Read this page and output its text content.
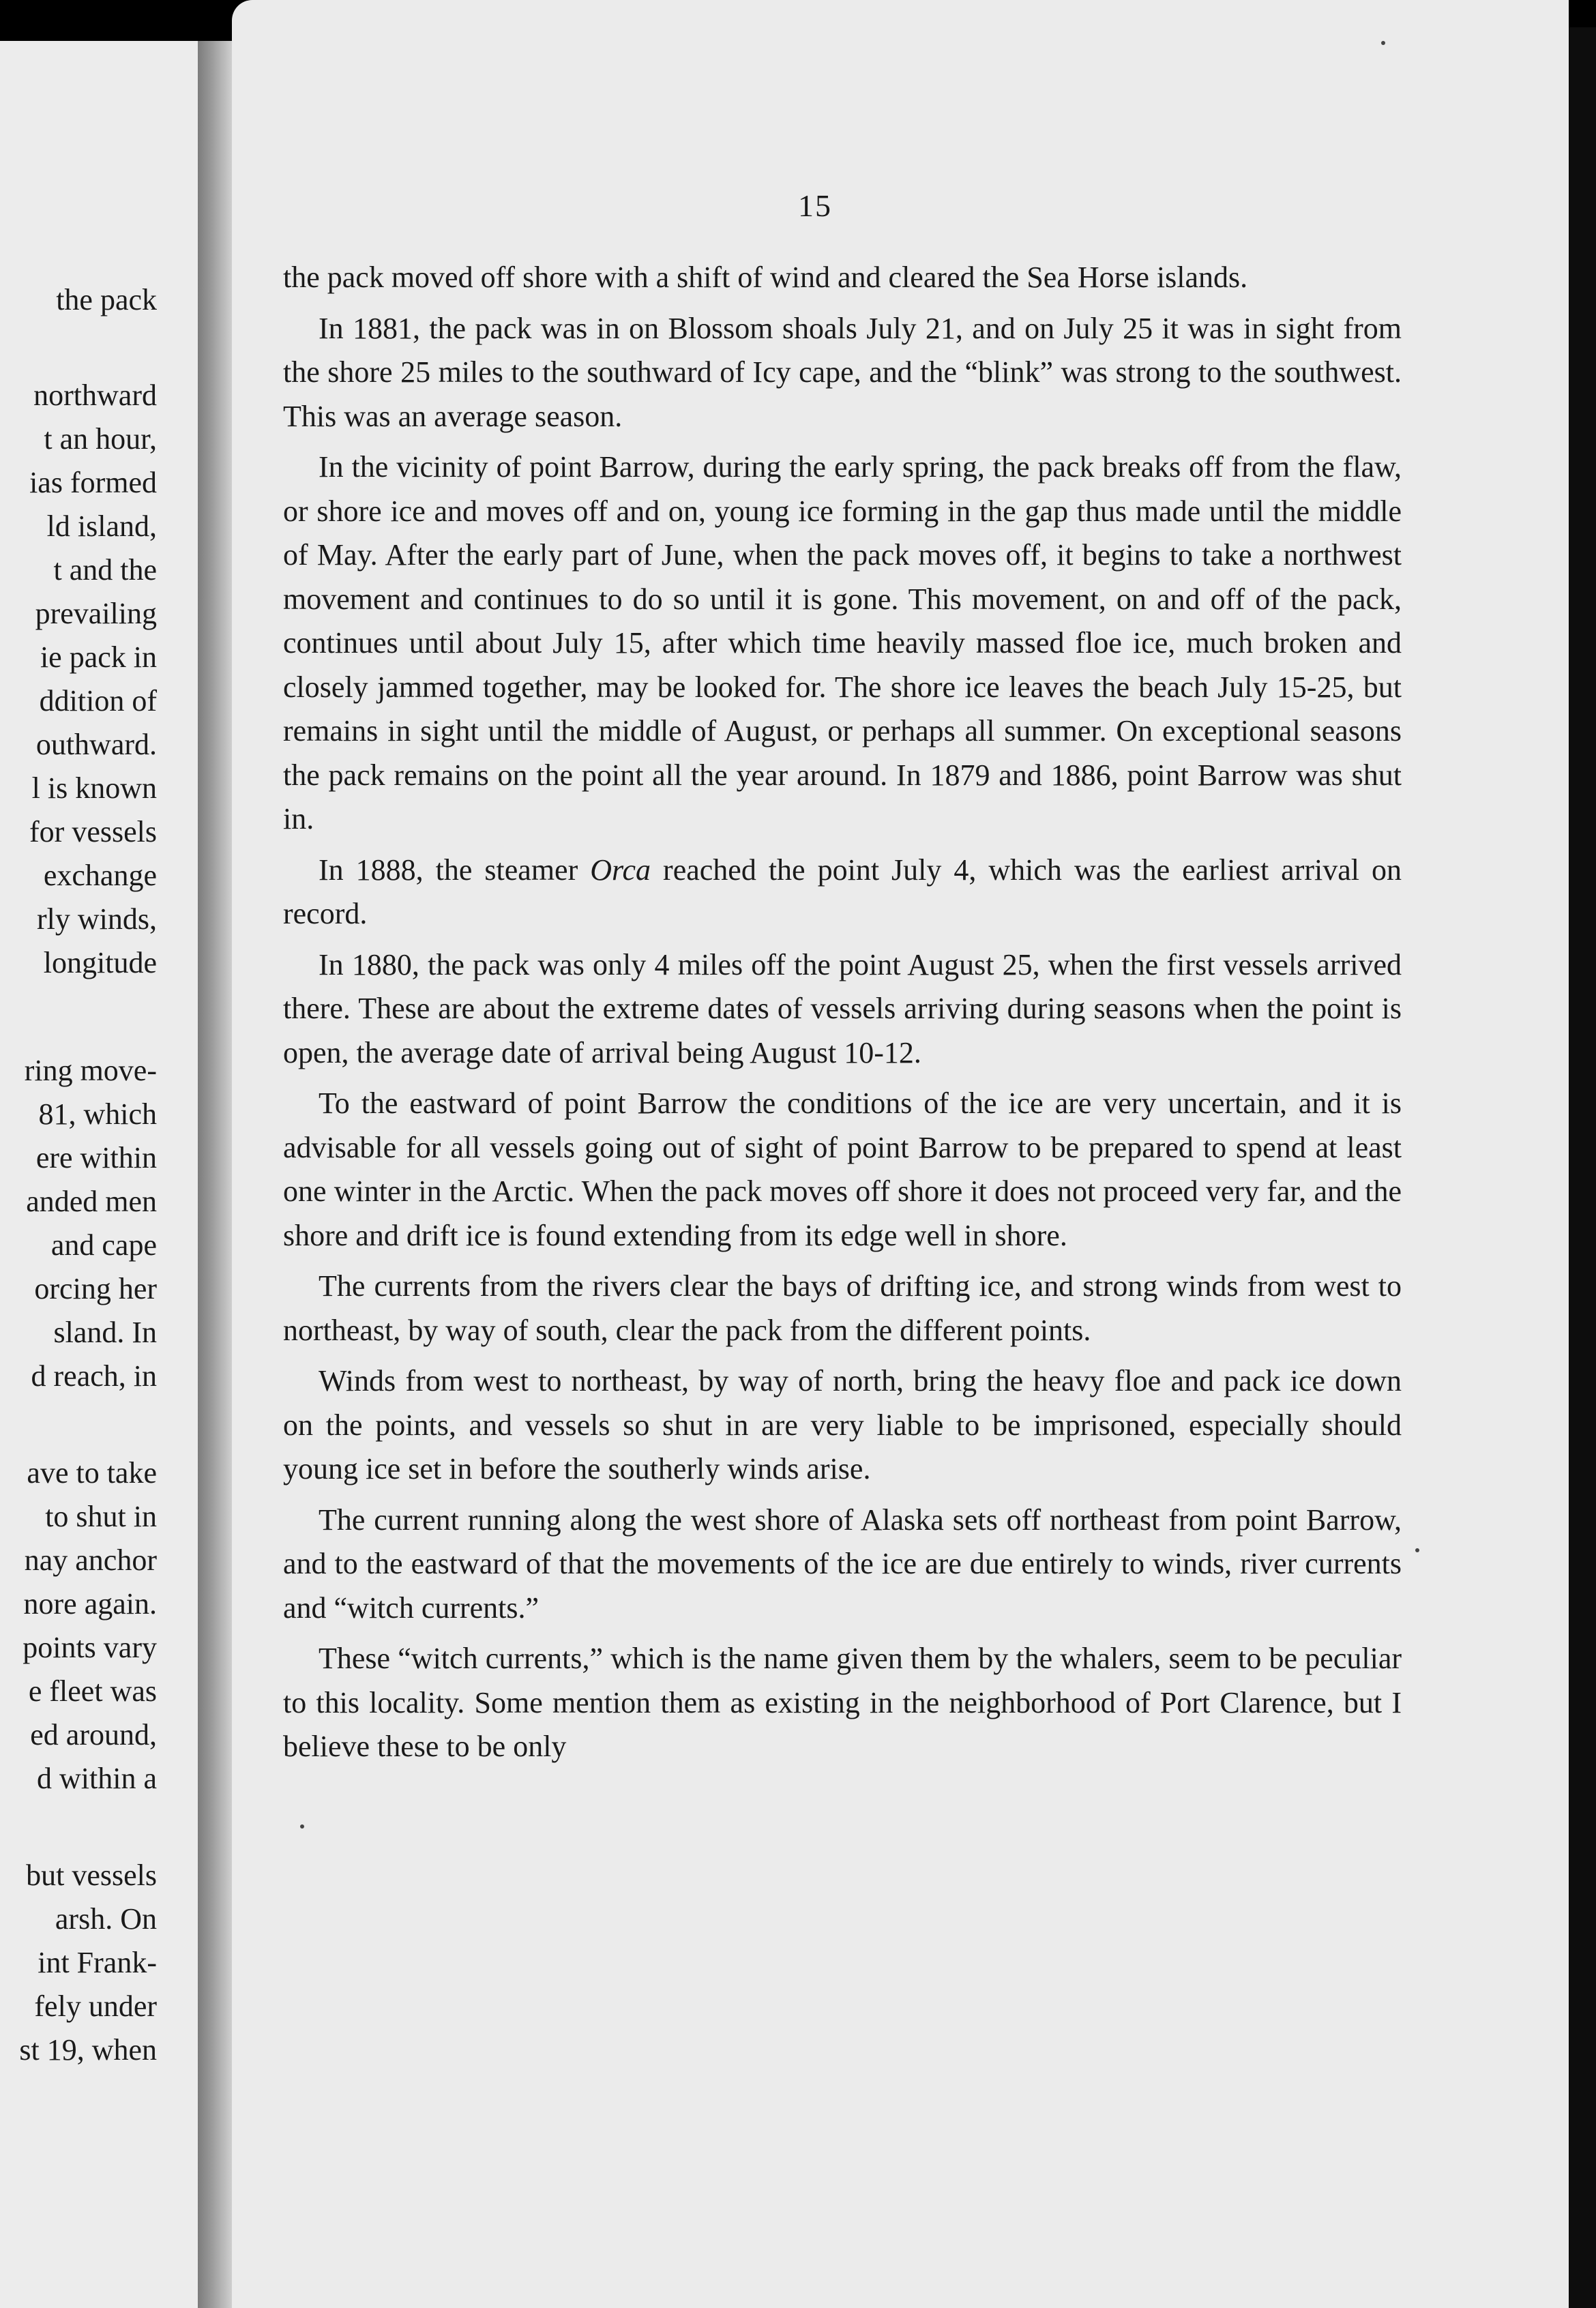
the pack
northward
t an hour,
ias formed
ld island,
t and the
prevailing
ie pack in
ddition of
outhward.
l is known
for vessels
exchange
rly winds,
longitude
ring move-
81, which
ere within
anded men
and cape
orcing her
sland. In
d reach, in
ave to take
to shut in
nay anchor
nore again.
points vary
e fleet was
ed around,
d within a
but vessels
arsh. On
int Frank-
fely under
st 19, when
15

the pack moved off shore with a shift of wind and cleared the Sea Horse islands.

In 1881, the pack was in on Blossom shoals July 21, and on July 25 it was in sight from the shore 25 miles to the southward of Icy cape, and the “blink” was strong to the southwest. This was an average season.

In the vicinity of point Barrow, during the early spring, the pack breaks off from the flaw, or shore ice and moves off and on, young ice forming in the gap thus made until the middle of May. After the early part of June, when the pack moves off, it begins to take a northwest movement and continues to do so until it is gone. This movement, on and off of the pack, continues until about July 15, after which time heavily massed floe ice, much broken and closely jammed together, may be looked for. The shore ice leaves the beach July 15-25, but remains in sight until the middle of August, or perhaps all summer. On exceptional seasons the pack remains on the point all the year around. In 1879 and 1886, point Barrow was shut in.

In 1888, the steamer Orca reached the point July 4, which was the earliest arrival on record.

In 1880, the pack was only 4 miles off the point August 25, when the first vessels arrived there. These are about the extreme dates of vessels arriving during seasons when the point is open, the average date of arrival being August 10-12.

To the eastward of point Barrow the conditions of the ice are very uncertain, and it is advisable for all vessels going out of sight of point Barrow to be prepared to spend at least one winter in the Arctic. When the pack moves off shore it does not proceed very far, and the shore and drift ice is found extending from its edge well in shore.

The currents from the rivers clear the bays of drifting ice, and strong winds from west to northeast, by way of south, clear the pack from the different points.

Winds from west to northeast, by way of north, bring the heavy floe and pack ice down on the points, and vessels so shut in are very liable to be imprisoned, especially should young ice set in before the southerly winds arise.

The current running along the west shore of Alaska sets off northeast from point Barrow, and to the eastward of that the movements of the ice are due entirely to winds, river currents and “witch currents.”

These “witch currents,” which is the name given them by the whalers, seem to be peculiar to this locality. Some mention them as existing in the neighborhood of Port Clarence, but I believe these to be only
